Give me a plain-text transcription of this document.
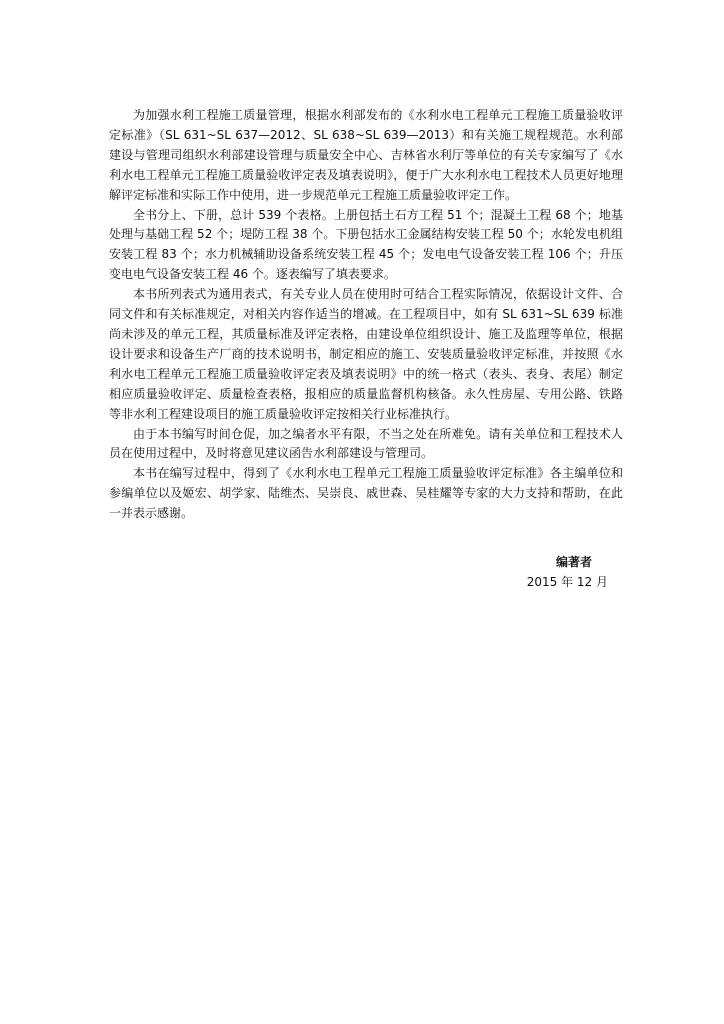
为加强水利工程施工质量管理，根据水利部发布的《水利水电工程单元工程施工质量验收评定标准》（SL 631~SL 637—2012、SL 638~SL 639—2013）和有关施工规程规范。水利部建设与管理司组织水利部建设管理与质量安全中心、吉林省水利厅等单位的有关专家编写了《水利水电工程单元工程施工质量验收评定表及填表说明》，便于广大水利水电工程技术人员更好地理解评定标准和实际工作中使用，进一步规范单元工程施工质量验收评定工作。

全书分上、下册，总计 539 个表格。上册包括土石方工程 51 个；混凝土工程 68 个；地基处理与基础工程 52 个；堤防工程 38 个。下册包括水工金属结构安装工程 50 个；水轮发电机组安装工程 83 个；水力机械辅助设备系统安装工程 45 个；发电电气设备安装工程 106 个；升压变电电气设备安装工程 46 个。逐表编写了填表要求。

本书所列表式为通用表式，有关专业人员在使用时可结合工程实际情况，依据设计文件、合同文件和有关标准规定，对相关内容作适当的增减。在工程项目中，如有 SL 631~SL 639 标准尚未涉及的单元工程，其质量标准及评定表格，由建设单位组织设计、施工及监理等单位，根据设计要求和设备生产厂商的技术说明书，制定相应的施工、安装质量验收评定标准，并按照《水利水电工程单元工程施工质量验收评定表及填表说明》中的统一格式（表头、表身、表尾）制定相应质量验收评定、质量检查表格，报相应的质量监督机构核备。永久性房屋、专用公路、铁路等非水利工程建设项目的施工质量验收评定按相关行业标准执行。

由于本书编写时间仓促，加之编者水平有限，不当之处在所难免。请有关单位和工程技术人员在使用过程中，及时将意见建议函告水利部建设与管理司。

本书在编写过程中，得到了《水利水电工程单元工程施工质量验收评定标准》各主编单位和参编单位以及姬宏、胡学家、陆维杰、吴崇良、戚世森、吴桂耀等专家的大力支持和帮助，在此一并表示感谢。

编著者
2015 年 12 月
